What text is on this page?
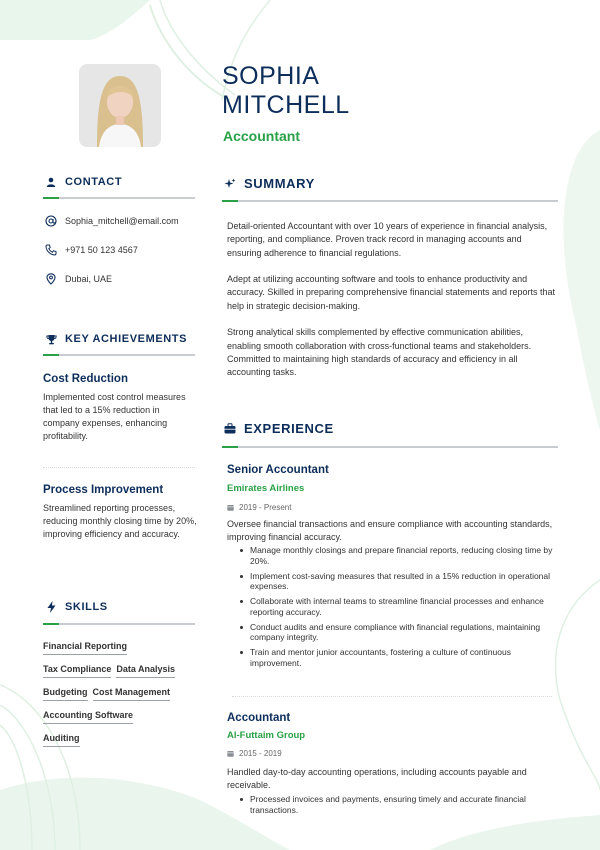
SOPHIA
MITCHELL
Accountant
CONTACT
Sophia_mitchell@email.com
+971 50 123 4567
Dubai, UAE
KEY ACHIEVEMENTS
Cost Reduction
Implemented cost control measures that led to a 15% reduction in company expenses, enhancing profitability.
Process Improvement
Streamlined reporting processes, reducing monthly closing time by 20%, improving efficiency and accuracy.
SKILLS
Financial Reporting
Tax Compliance Data Analysis
Budgeting Cost Management
Accounting Software
Auditing
SUMMARY

Detail-oriented Accountant with over 10 years of experience in financial analysis, reporting, and compliance. Proven track record in managing accounts and ensuring adherence to financial regulations.

Adept at utilizing accounting software and tools to enhance productivity and accuracy. Skilled in preparing comprehensive financial statements and reports that help in strategic decision-making.

Strong analytical skills complemented by effective communication abilities, enabling smooth collaboration with cross-functional teams and stakeholders. Committed to maintaining high standards of accuracy and efficiency in all accounting tasks.

EXPERIENCE
Senior Accountant
Emirates Airlines
2019 - Present
Oversee financial transactions and ensure compliance with accounting standards, improving financial accuracy.
Manage monthly closings and prepare financial reports, reducing closing time by 20%.
Implement cost-saving measures that resulted in a 15% reduction in operational expenses.
Collaborate with internal teams to streamline financial processes and enhance reporting accuracy.
Conduct audits and ensure compliance with financial regulations, maintaining company integrity.
Train and mentor junior accountants, fostering a culture of continuous improvement.
Accountant
Al-Futtaim Group
2015 - 2019
Handled day-to-day accounting operations, including accounts payable and receivable.
Processed invoices and payments, ensuring timely and accurate financial transactions.
